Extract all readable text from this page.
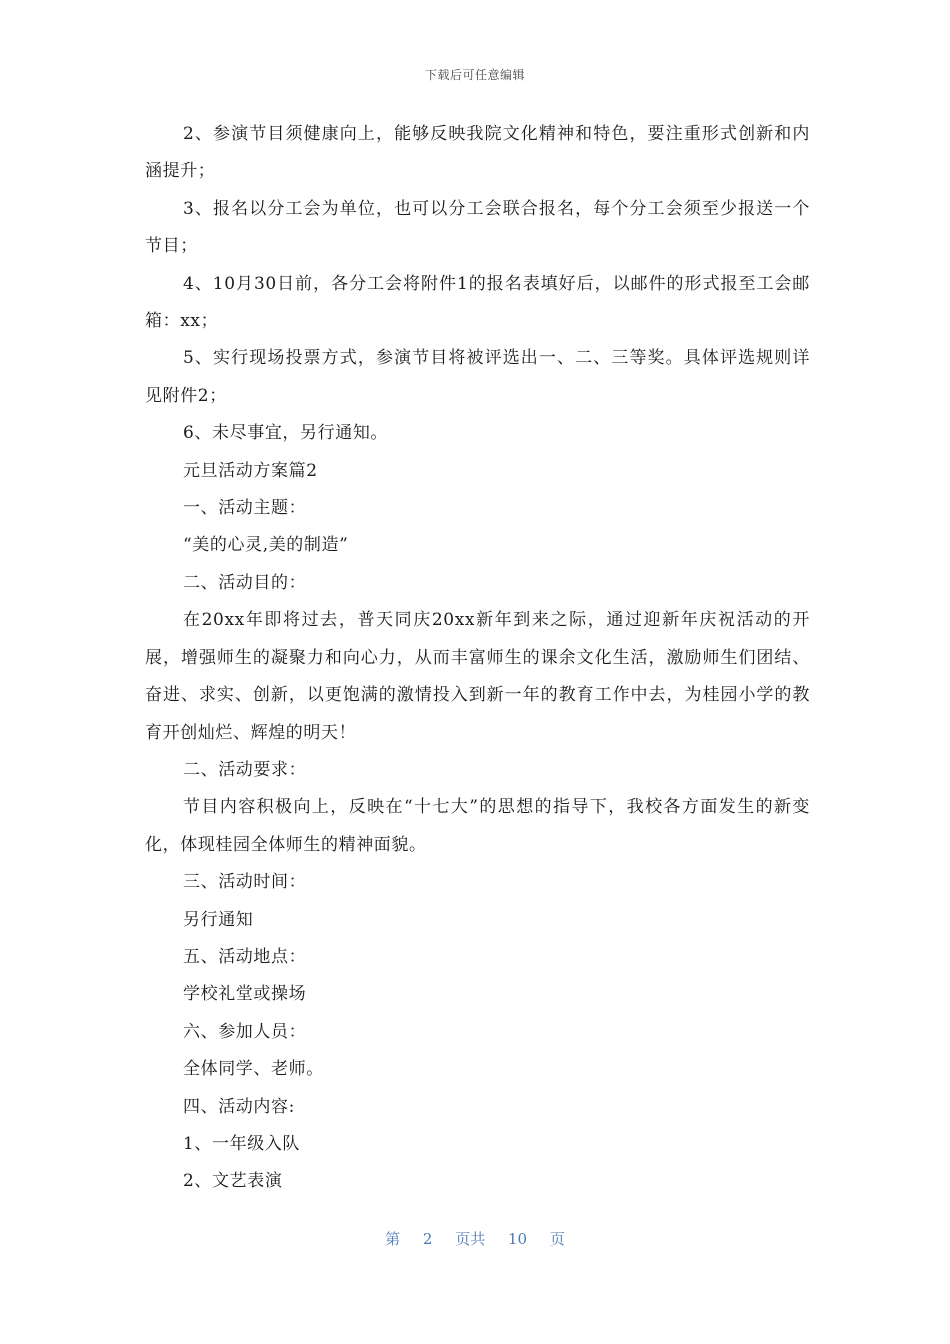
下载后可任意编辑

2、参演节目须健康向上，能够反映我院文化精神和特色，要注重形式创新和内涵提升；

3、报名以分工会为单位，也可以分工会联合报名，每个分工会须至少报送一个节目；

4、10月30日前，各分工会将附件1的报名表填好后，以邮件的形式报至工会邮箱：xx；

5、实行现场投票方式，参演节目将被评选出一、二、三等奖。具体评选规则详见附件2；

6、未尽事宜，另行通知。

元旦活动方案篇2

一、活动主题：

“美的心灵,美的制造”

二、活动目的：

在20xx年即将过去，普天同庆20xx新年到来之际，通过迎新年庆祝活动的开展，增强师生的凝聚力和向心力，从而丰富师生的课余文化生活，激励师生们团结、奋进、求实、创新，以更饱满的激情投入到新一年的教育工作中去，为桂园小学的教育开创灿烂、辉煌的明天！

二、活动要求：

节目内容积极向上，反映在“十七大”的思想的指导下，我校各方面发生的新变化，体现桂园全体师生的精神面貌。

三、活动时间：

另行通知

五、活动地点：

学校礼堂或操场

六、参加人员：

全体同学、老师。

四、活动内容:

1、一年级入队

2、文艺表演

第 2 页共 10 页
